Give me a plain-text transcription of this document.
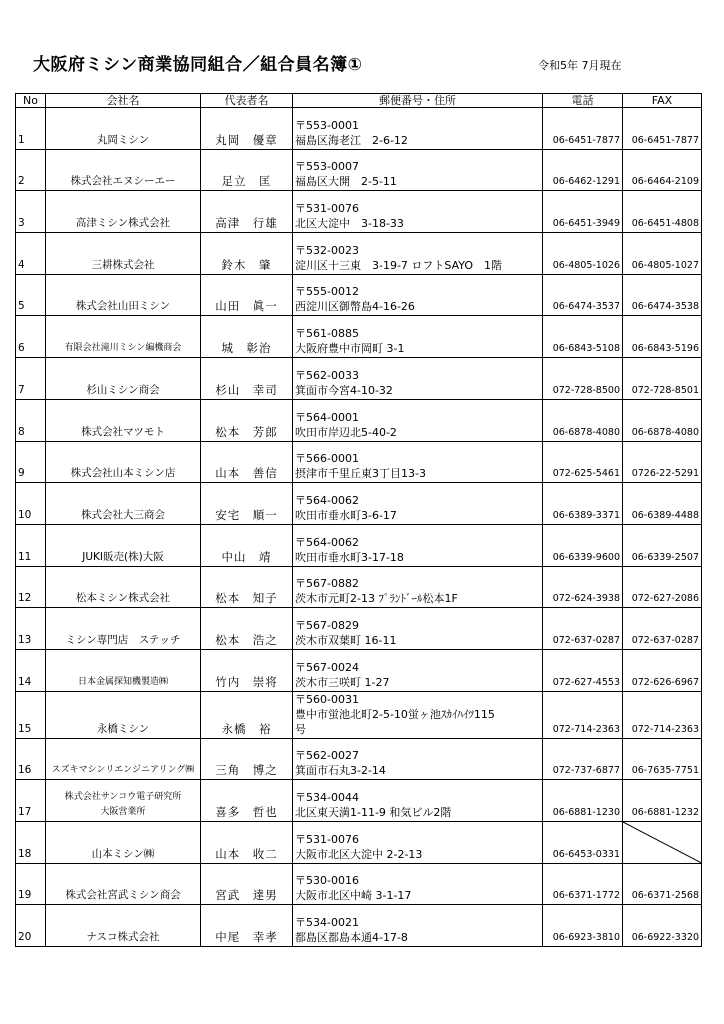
大阪府ミシン商業協同組合／組合員名簿①	令和5年 7月現在
No	会社名	代表者名	郵便番号・住所	電話	FAX
1	丸岡ミシン	丸岡　優章	〒553-0001
福島区海老江　2-6-12	06-6451-7877	06-6451-7877
2	株式会社エヌシーエー	足立　匡	〒553-0007
福島区大開　2-5-11	06-6462-1291	06-6464-2109
3	高津ミシン株式会社	高津　行雄	〒531-0076
北区大淀中　3-18-33	06-6451-3949	06-6451-4808
4	三耕株式会社	鈴木　肇	〒532-0023
淀川区十三東　3-19-7 ロフトSAYO　1階	06-4805-1026	06-4805-1027
5	株式会社山田ミシン	山田　眞一	〒555-0012
西淀川区御幣島4-16-26	06-6474-3537	06-6474-3538
6	有限会社滝川ミシン編機商会	城　彰治	〒561-0885
大阪府豊中市岡町 3-1	06-6843-5108	06-6843-5196
7	杉山ミシン商会	杉山　幸司	〒562-0033
箕面市今宮4-10-32	072-728-8500	072-728-8501
8	株式会社マツモト	松本　芳郎	〒564-0001
吹田市岸辺北5-40-2	06-6878-4080	06-6878-4080
9	株式会社山本ミシン店	山本　善信	〒566-0001
摂津市千里丘東3丁目13-3	072-625-5461	0726-22-5291
10	株式会社大三商会	安宅　順一	〒564-0062
吹田市垂水町3-6-17	06-6389-3371	06-6389-4488
11	JUKI販売(株)大阪	中山　靖	〒564-0062
吹田市垂水町3-17-18	06-6339-9600	06-6339-2507
12	松本ミシン株式会社	松本　知子	〒567-0882
茨木市元町2-13 ﾌﾟﾗﾝﾄﾞｰﾙ松本1F	072-624-3938	072-627-2086
13	ミシン専門店　ステッチ	松本　浩之	〒567-0829
茨木市双葉町 16-11	072-637-0287	072-637-0287
14	日本金属探知機製造㈱	竹内　崇将	〒567-0024
茨木市三咲町 1-27	072-627-4553	072-626-6967
15	永橋ミシン	永橋　裕	〒560-0031
豊中市蛍池北町2-5-10蛍ヶ池ｽｶｲﾊｲﾂ115
号	072-714-2363	072-714-2363
16	スズキマシンリエンジニアリング㈱	三角　博之	〒562-0027
箕面市石丸3-2-14	072-737-6877	06-7635-7751
17	株式会社サンコウ電子研究所
大阪営業所	喜多　哲也	〒534-0044
北区東天満1-11-9 和気ビル2階	06-6881-1230	06-6881-1232
18	山本ミシン㈱	山本　收二	〒531-0076
大阪市北区大淀中 2-2-13	06-6453-0331	

19	株式会社宮武ミシン商会	宮武　達男	〒530-0016
大阪市北区中崎 3-1-17	06-6371-1772	06-6371-2568
20	ナスコ株式会社	中尾　幸孝	〒534-0021
都島区都島本通4-17-8	06-6923-3810	06-6922-3320
